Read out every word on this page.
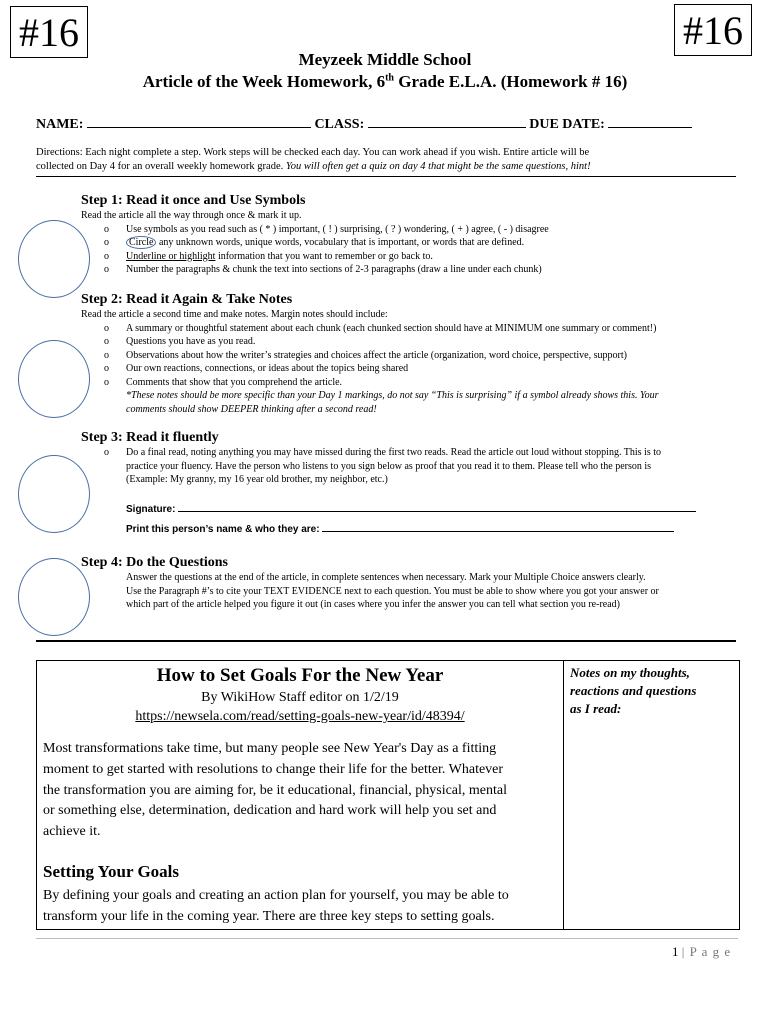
#16	#16
Meyzeek Middle School
Article of the Week Homework, 6th Grade E.L.A. (Homework # 16)
NAME:	CLASS:	DUE DATE:
Directions: Each night complete a step. Work steps will be checked each day. You can work ahead if you wish. Entire article will be
collected on Day 4 for an overall weekly homework grade. You will often get a quiz on day 4 that might be the same questions, hint!
Step 1: Read it once and Use Symbols
Read the article all the way through once & mark it up.
o Use symbols as you read such as ( * ) important, ( ! ) surprising, ( ? ) wondering, ( + ) agree, ( - ) disagree
o Circle any unknown words, unique words, vocabulary that is important, or words that are defined.
o Underline or highlight information that you want to remember or go back to.
o Number the paragraphs & chunk the text into sections of 2-3 paragraphs (draw a line under each chunk)
Step 2: Read it Again & Take Notes
Read the article a second time and make notes. Margin notes should include:
o A summary or thoughtful statement about each chunk (each chunked section should have at MINIMUM one summary or comment!)
o Questions you have as you read.
o Observations about how the writer’s strategies and choices affect the article (organization, word choice, perspective, support)
o Our own reactions, connections, or ideas about the topics being shared
o Comments that show that you comprehend the article.
*These notes should be more specific than your Day 1 markings, do not say “This is surprising” if a symbol already shows this. Your
comments should show DEEPER thinking after a second read!
Step 3: Read it fluently
o Do a final read, noting anything you may have missed during the first two reads. Read the article out loud without stopping. This is to
practice your fluency. Have the person who listens to you sign below as proof that you read it to them. Please tell who the person is
(Example: My granny, my 16 year old brother, my neighbor, etc.)
Signature:
Print this person’s name & who they are:
Step 4: Do the Questions
Answer the questions at the end of the article, in complete sentences when necessary. Mark your Multiple Choice answers clearly.
Use the Paragraph #’s to cite your TEXT EVIDENCE next to each question. You must be able to show where you got your answer or
which part of the article helped you figure it out (in cases where you infer the answer you can tell what section you re-read)
How to Set Goals For the New Year
By WikiHow Staff editor on 1/2/19
https://newsela.com/read/setting-goals-new-year/id/48394/
Most transformations take time, but many people see New Year's Day as a fitting
moment to get started with resolutions to change their life for the better. Whatever
the transformation you are aiming for, be it educational, financial, physical, mental
or something else, determination, dedication and hard work will help you set and
achieve it.
Setting Your Goals
By defining your goals and creating an action plan for yourself, you may be able to
transform your life in the coming year. There are three key steps to setting goals.
Notes on my thoughts,
reactions and questions
as I read:
1 | P a g e
